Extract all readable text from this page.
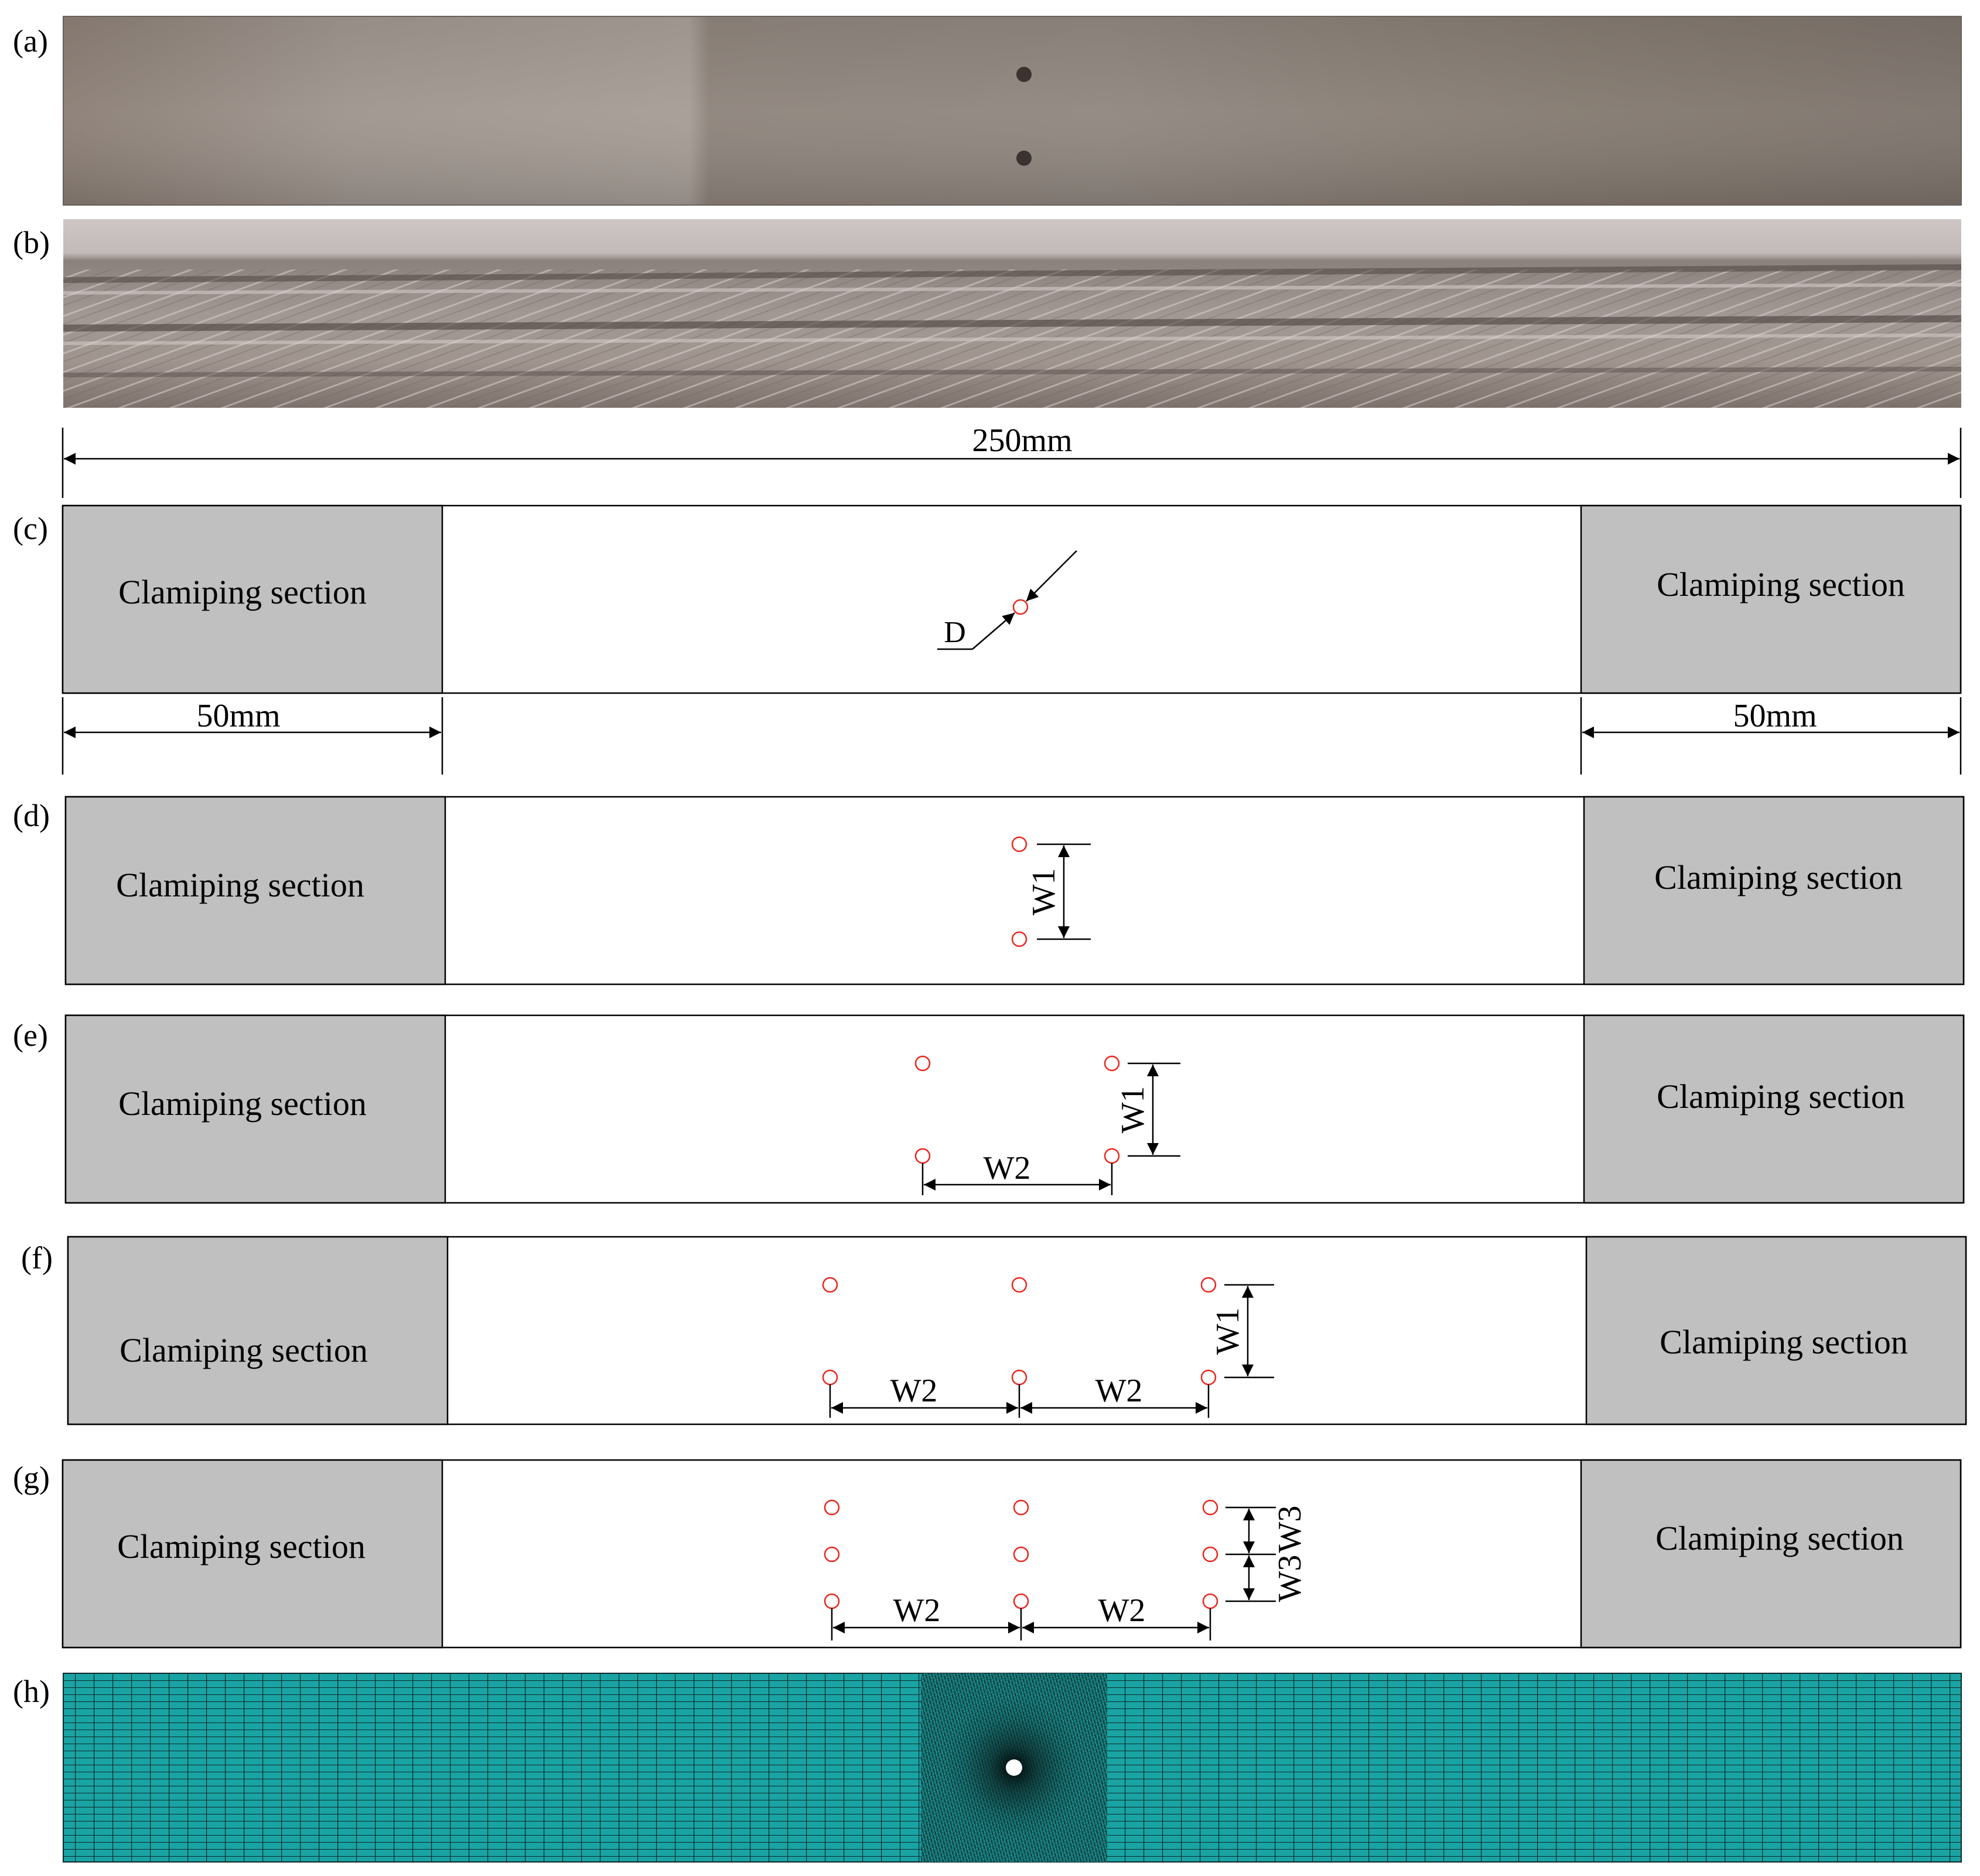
(a)
(b)
250mm
(c)
Clamiping section	Clamiping section
D
50mm	50mm
(d)
Clamiping section	Clamiping section
W1
(e)
Clamiping section	Clamiping section
W1
W2
(f)
Clamiping section	Clamiping section
W1
W2	W2
(g)
Clamiping section	Clamiping section
W3
W3
W2	W2
(h)
